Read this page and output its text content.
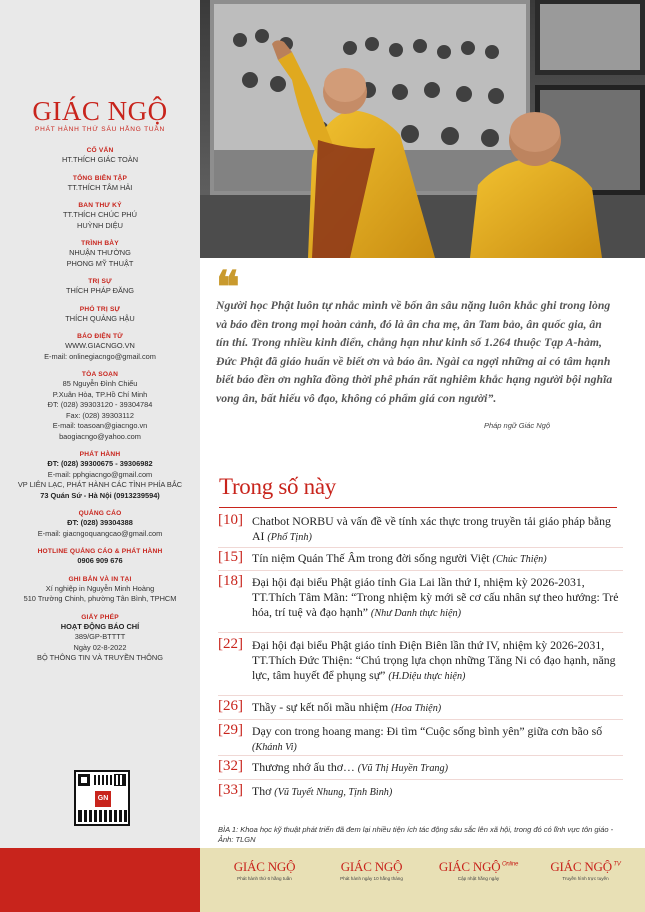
GIÁC NGỘ
PHÁT HÀNH THỨ SÁU HẰNG TUẦN
CỐ VẤN
HT.THÍCH GIÁC TOÀN
TỔNG BIÊN TẬP
TT.THÍCH TÂM HẢI
BAN THƯ KÝ
TT.THÍCH CHÚC PHÚ
HUỲNH DIỆU
TRÌNH BÀY
NHUẬN THƯỜNG
PHONG MỸ THUẬT
TRỊ SỰ
THÍCH PHÁP ĐĂNG
PHÓ TRỊ SỰ
THÍCH QUẢNG HẬU
BÁO ĐIỆN TỬ
WWW.GIACNGO.VN
E-mail: onlinegiacngo@gmail.com
TÒA SOẠN
85 Nguyễn Đình Chiểu
P.Xuân Hòa, TP.Hồ Chí Minh
ĐT: (028) 39303120 - 39304784
Fax: (028) 39303112
E-mail: toasoan@giacngo.vn
baogiacngo@yahoo.com
PHÁT HÀNH
ĐT: (028) 39300675 - 39306982
E-mail: pphgiacngo@gmail.com
VP LIÊN LẠC, PHÁT HÀNH CÁC TỈNH PHÍA BẮC
73 Quán Sứ - Hà Nội (0913239594)
QUẢNG CÁO
ĐT: (028) 39304388
E-mail: giacngoquangcao@gmail.com
HOTLINE QUẢNG CÁO & PHÁT HÀNH
0906 909 676
GHI BẢN VÀ IN TẠI
Xí nghiệp in Nguyễn Minh Hoàng
510 Trường Chinh, phường Tân Bình, TPHCM
GIẤY PHÉP
HOẠT ĐỘNG BÁO CHÍ
389/GP-BTTTT
Ngày 02-8-2022
BỘ THÔNG TIN VÀ TRUYỀN THÔNG
GN
❝
Người học Phật luôn tự nhắc mình về bốn ân sâu nặng luôn khắc ghi trong lòng và báo đền trong mọi hoàn cảnh, đó là ân cha mẹ, ân Tam bảo, ân quốc gia, ân tín thí. Trong nhiều kinh điển, chẳng hạn như kinh số 1.264 thuộc Tạp A-hàm, Đức Phật đã giáo huấn về biết ơn và báo ân. Ngài ca ngợi những ai có tâm hạnh biết báo đền ơn nghĩa đồng thời phê phán rất nghiêm khắc hạng người bội nghĩa vong ân, bất hiếu vô đạo, không có phẩm giá con người”.
Pháp ngữ Giác Ngộ
Trong số này
[10] Chatbot NORBU và vấn đề về tính xác thực trong truyền tải giáo pháp bằng AI (Phổ Tịnh)
[15] Tín niệm Quán Thế Âm trong đời sống người Việt (Chúc Thiện)
[18] Đại hội đại biểu Phật giáo tỉnh Gia Lai lần thứ I, nhiệm kỳ 2026-2031, TT.Thích Tâm Mãn: “Trong nhiệm kỳ mới sẽ cơ cấu nhân sự theo hướng: Trẻ hóa, trí tuệ và đạo hạnh” (Như Danh thực hiện)
[22] Đại hội đại biểu Phật giáo tỉnh Điện Biên lần thứ IV, nhiệm kỳ 2026-2031, TT.Thích Đức Thiện: “Chú trọng lựa chọn những Tăng Ni có đạo hạnh, năng lực, tâm huyết để phụng sự” (H.Diệu thực hiện)
[26] Thầy - sự kết nối mầu nhiệm (Hoa Thiện)
[29] Dạy con trong hoang mang: Đi tìm “Cuộc sống bình yên” giữa cơn bão số (Khánh Vi)
[32] Thương nhớ ấu thơ… (Vũ Thị Huyền Trang)
[33] Thơ (Vũ Tuyết Nhung, Tịnh Bình)
BÌA 1: Khoa học kỹ thuật phát triển đã đem lại nhiều tiện ích tác động sâu sắc lên xã hội, trong đó có lĩnh vực tôn giáo - Ảnh: TLGN
GIÁC NGỘ
Phát hành thứ 6 hằng tuần
GIÁC NGỘ
Phát hành ngày 10 hằng tháng
GIÁC NGỘ $^{Online}$
Cập nhật hằng ngày
GIÁC NGỘ $^{TV}$
Truyền hình trực tuyến
